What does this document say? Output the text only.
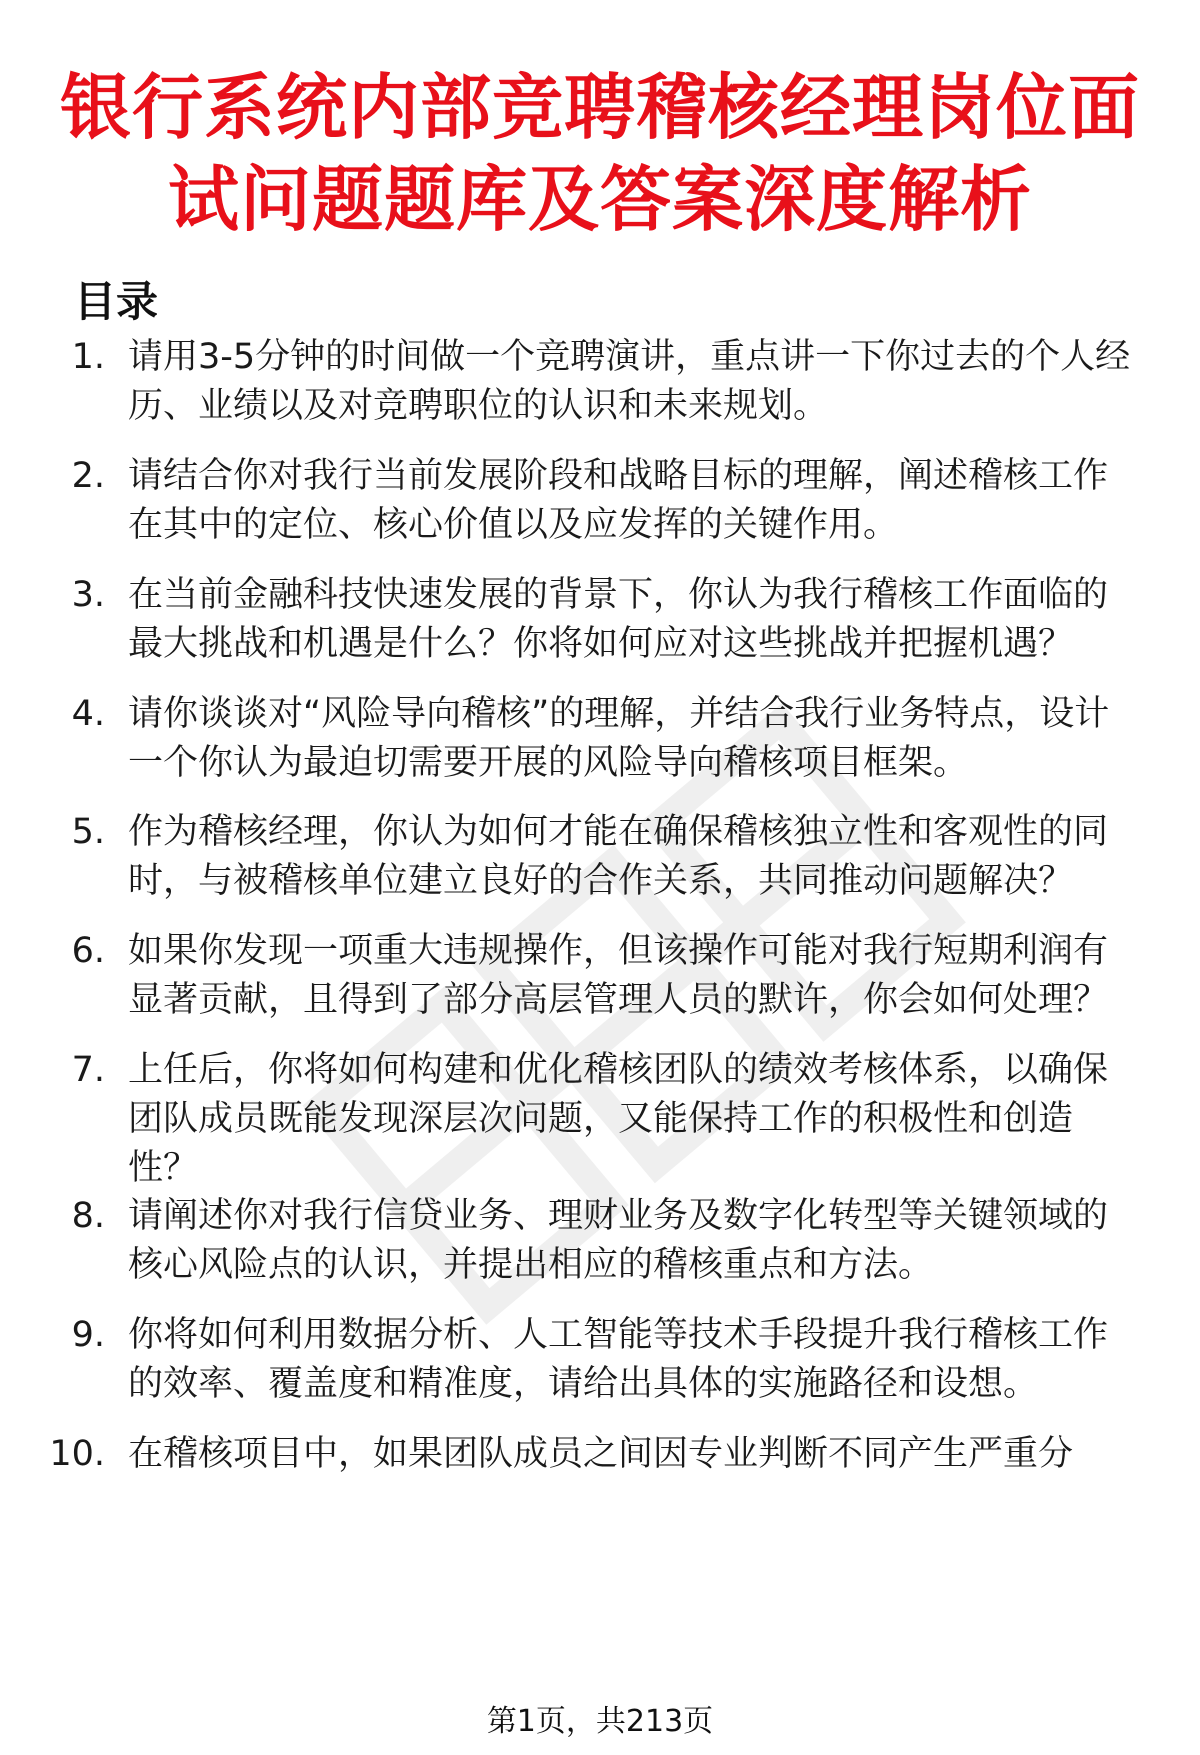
银行系统内部竞聘稽核经理岗位面试问题题库及答案深度解析
目录
1. 请用3-5分钟的时间做一个竞聘演讲，重点讲一下你过去的个人经历、业绩以及对竞聘职位的认识和未来规划。
2. 请结合你对我行当前发展阶段和战略目标的理解，阐述稽核工作在其中的定位、核心价值以及应发挥的关键作用。
3. 在当前金融科技快速发展的背景下，你认为我行稽核工作面临的最大挑战和机遇是什么？你将如何应对这些挑战并把握机遇？
4. 请你谈谈对“风险导向稽核”的理解，并结合我行业务特点，设计一个你认为最迫切需要开展的风险导向稽核项目框架。
5. 作为稽核经理，你认为如何才能在确保稽核独立性和客观性的同时，与被稽核单位建立良好的合作关系，共同推动问题解决？
6. 如果你发现一项重大违规操作，但该操作可能对我行短期利润有显著贡献，且得到了部分高层管理人员的默许，你会如何处理？
7. 上任后，你将如何构建和优化稽核团队的绩效考核体系，以确保团队成员既能发现深层次问题，又能保持工作的积极性和创造性？
8. 请阐述你对我行信贷业务、理财业务及数字化转型等关键领域的核心风险点的认识，并提出相应的稽核重点和方法。
9. 你将如何利用数据分析、人工智能等技术手段提升我行稽核工作的效率、覆盖度和精准度，请给出具体的实施路径和设想。
10. 在稽核项目中，如果团队成员之间因专业判断不同产生严重分
第1页，共213页
